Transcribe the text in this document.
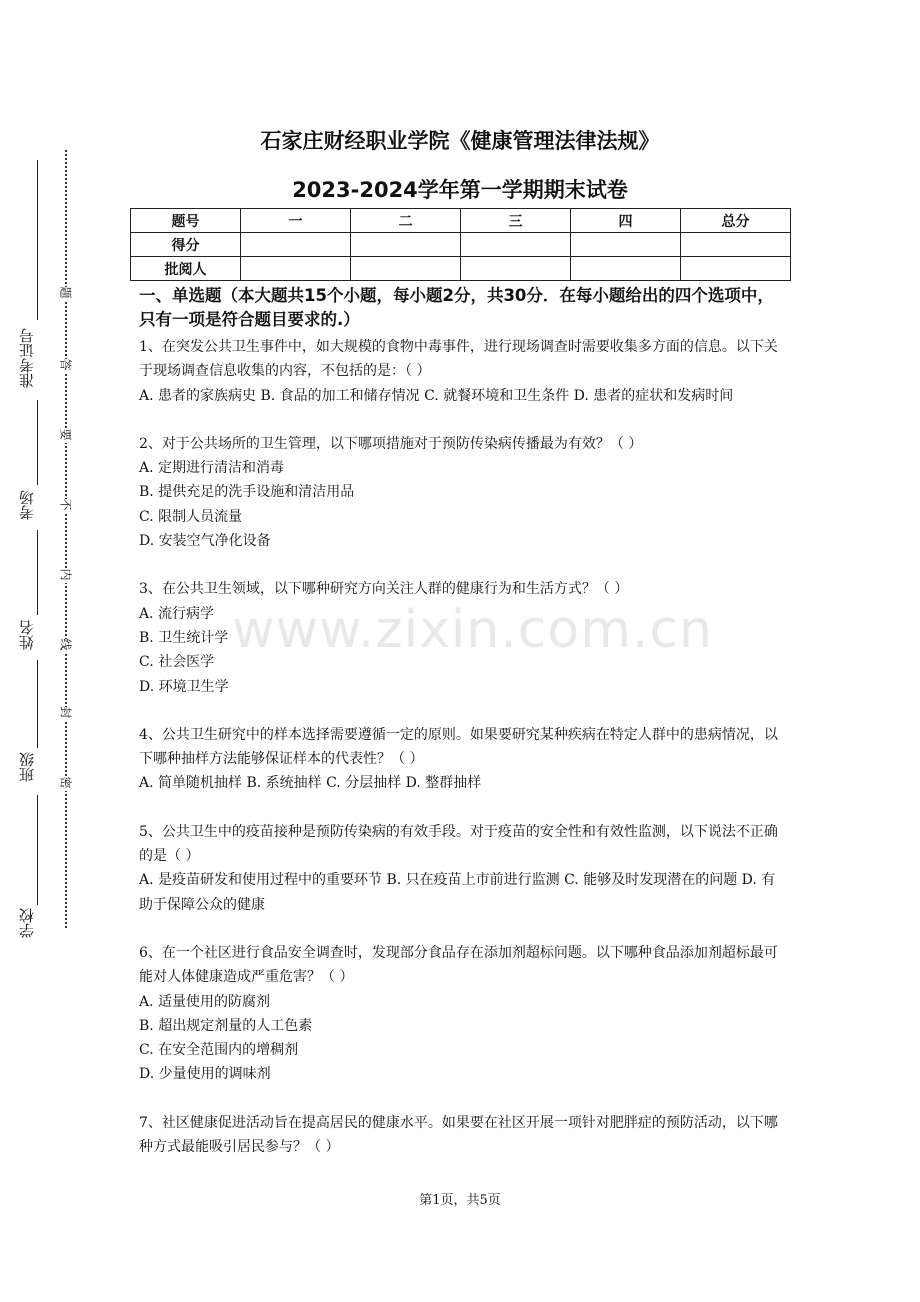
准考证号
考场
姓名
班级
学校
题
答
要
不
内
线
封
密
石家庄财经职业学院《健康管理法律法规》
2023-2024学年第一学期期末试卷
题号	一	二	三	四	总分
得分					
批阅人					
一、单选题（本大题共15个小题，每小题2分，共30分．在每小题给出的四个选项中，只有一项是符合题目要求的.）

1、在突发公共卫生事件中，如大规模的食物中毒事件，进行现场调查时需要收集多方面的信息。以下关于现场调查信息收集的内容，不包括的是：（ ）

A. 患者的家族病史 B. 食品的加工和储存情况 C. 就餐环境和卫生条件 D. 患者的症状和发病时间

2、对于公共场所的卫生管理，以下哪项措施对于预防传染病传播最为有效？（ ）

A. 定期进行清洁和消毒

B. 提供充足的洗手设施和清洁用品

C. 限制人员流量

D. 安装空气净化设备

3、在公共卫生领域，以下哪种研究方向关注人群的健康行为和生活方式？（ ）

A. 流行病学

B. 卫生统计学

C. 社会医学

D. 环境卫生学

4、公共卫生研究中的样本选择需要遵循一定的原则。如果要研究某种疾病在特定人群中的患病情况，以下哪种抽样方法能够保证样本的代表性？（ ）

A. 简单随机抽样 B. 系统抽样 C. 分层抽样 D. 整群抽样

5、公共卫生中的疫苗接种是预防传染病的有效手段。对于疫苗的安全性和有效性监测，以下说法不正确的是（ ）

A. 是疫苗研发和使用过程中的重要环节 B. 只在疫苗上市前进行监测 C. 能够及时发现潜在的问题 D. 有助于保障公众的健康

6、在一个社区进行食品安全调查时，发现部分食品存在添加剂超标问题。以下哪种食品添加剂超标最可能对人体健康造成严重危害？（ ）

A. 适量使用的防腐剂

B. 超出规定剂量的人工色素

C. 在安全范围内的增稠剂

D. 少量使用的调味剂

7、社区健康促进活动旨在提高居民的健康水平。如果要在社区开展一项针对肥胖症的预防活动，以下哪种方式最能吸引居民参与？（ ）

www.zixin.com.cn
第1页，共5页
